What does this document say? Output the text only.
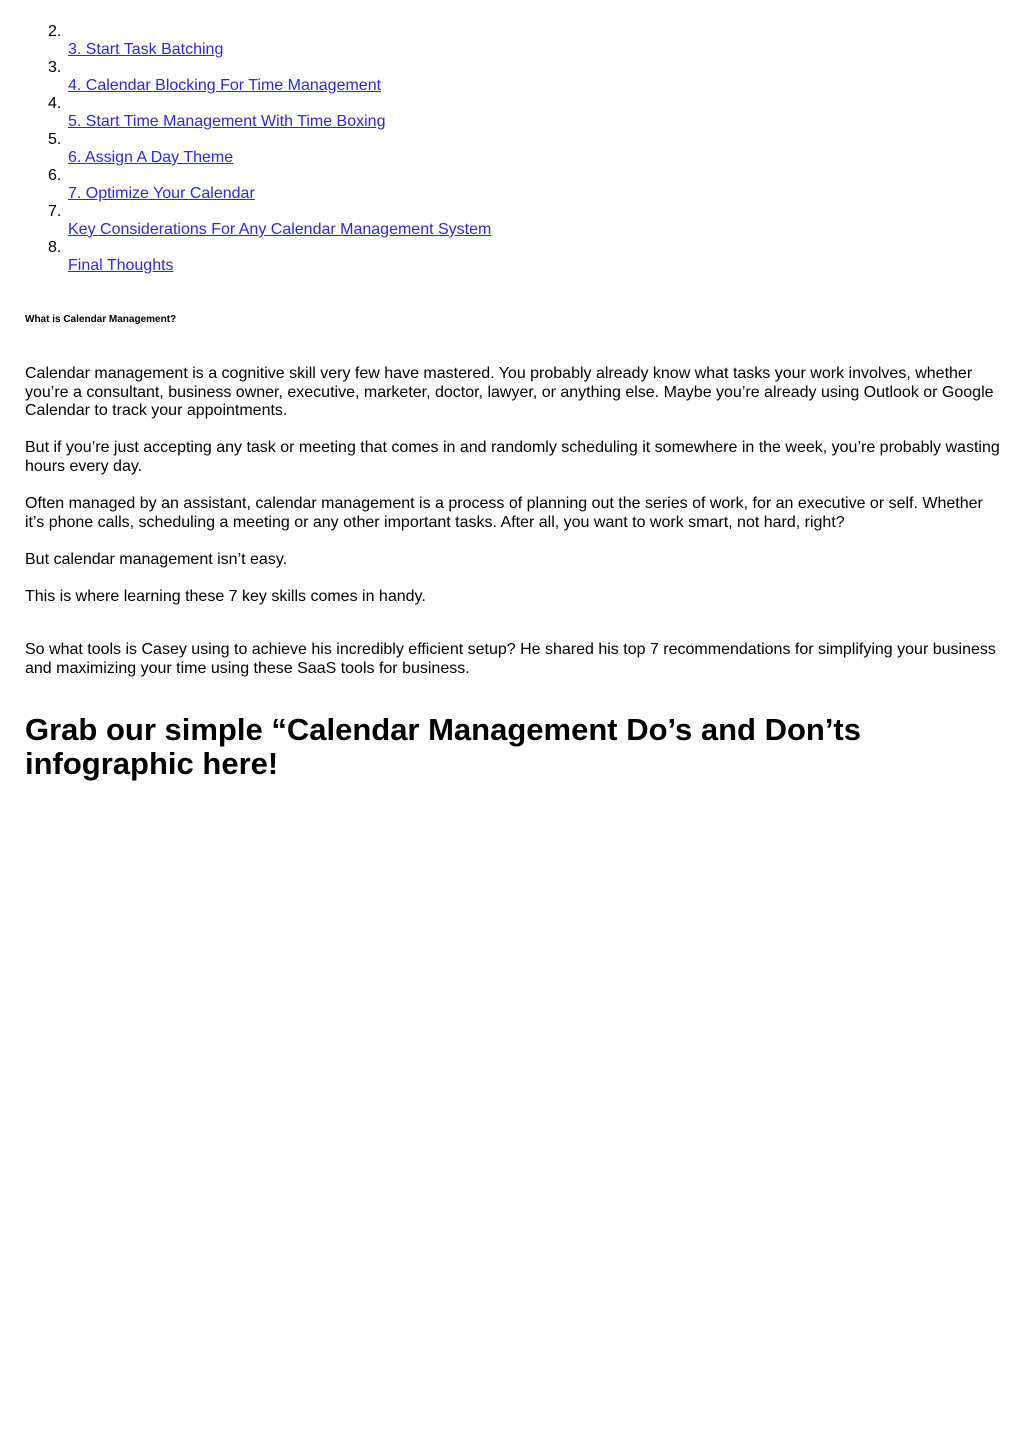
2.
3. Start Task Batching
3.
4. Calendar Blocking For Time Management
4.
5. Start Time Management With Time Boxing
5.
6. Assign A Day Theme
6.
7. Optimize Your Calendar
7.
Key Considerations For Any Calendar Management System
8.
Final Thoughts
What is Calendar Management?

Calendar management is a cognitive skill very few have mastered. You probably already know what tasks your work involves, whether you’re a consultant, business owner, executive, marketer, doctor, lawyer, or anything else. Maybe you’re already using Outlook or Google Calendar to track your appointments.

But if you’re just accepting any task or meeting that comes in and randomly scheduling it somewhere in the week, you’re probably wasting hours every day.

Often managed by an assistant, calendar management is a process of planning out the series of work, for an executive or self. Whether it’s phone calls, scheduling a meeting or any other important tasks. After all, you want to work smart, not hard, right?

But calendar management isn’t easy.

This is where learning these 7 key skills comes in handy.

So what tools is Casey using to achieve his incredibly efficient setup? He shared his top 7 recommendations for simplifying your business and maximizing your time using these SaaS tools for business.

Grab our simple “Calendar Management Do’s and Don’ts infographic here!
